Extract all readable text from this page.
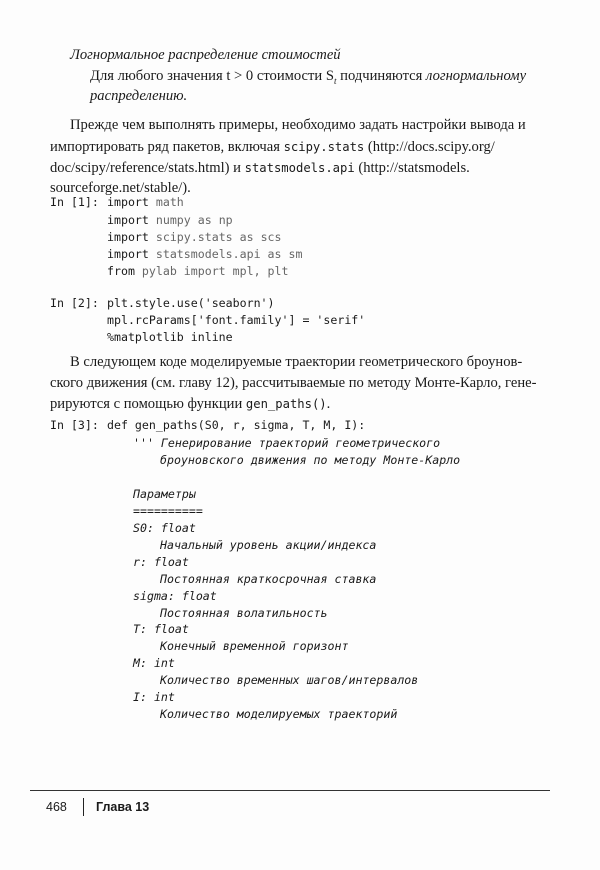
Логнормальное распределение стоимостей
Для любого значения t > 0 стоимости $S_t$ подчиняются логнормальному
распределению.
Прежде чем выполнять примеры, необходимо задать настройки вывода и
импортировать ряд пакетов, включая scipy.stats (http://docs.scipy.org/
doc/scipy/reference/stats.html) и statsmodels.api (http://statsmodels.
sourceforge.net/stable/).
In [1]: import math
import numpy as np
import scipy.stats as scs
import statsmodels.api as sm
from pylab import mpl, plt
In [2]: plt.style.use('seaborn')
mpl.rcParams['font.family'] = 'serif'
%matplotlib inline
В следующем коде моделируемые траектории геометрического броунов-
ского движения (см. главу 12), рассчитываемые по методу Монте-Карло, гене-
рируются с помощью функции gen_paths().
In [3]: def gen_paths(S0, r, sigma, T, M, I):
''' Генерирование траекторий геометрического
броуновского движения по методу Монте-Карло
Параметры
==========
S0: float
Начальный уровень акции/индекса
r: float
Постоянная краткосрочная ставка
sigma: float
Постоянная волатильность
T: float
Конечный временной горизонт
M: int
Количество временных шагов/интервалов
I: int
Количество моделируемых траекторий
468 Глава 13
